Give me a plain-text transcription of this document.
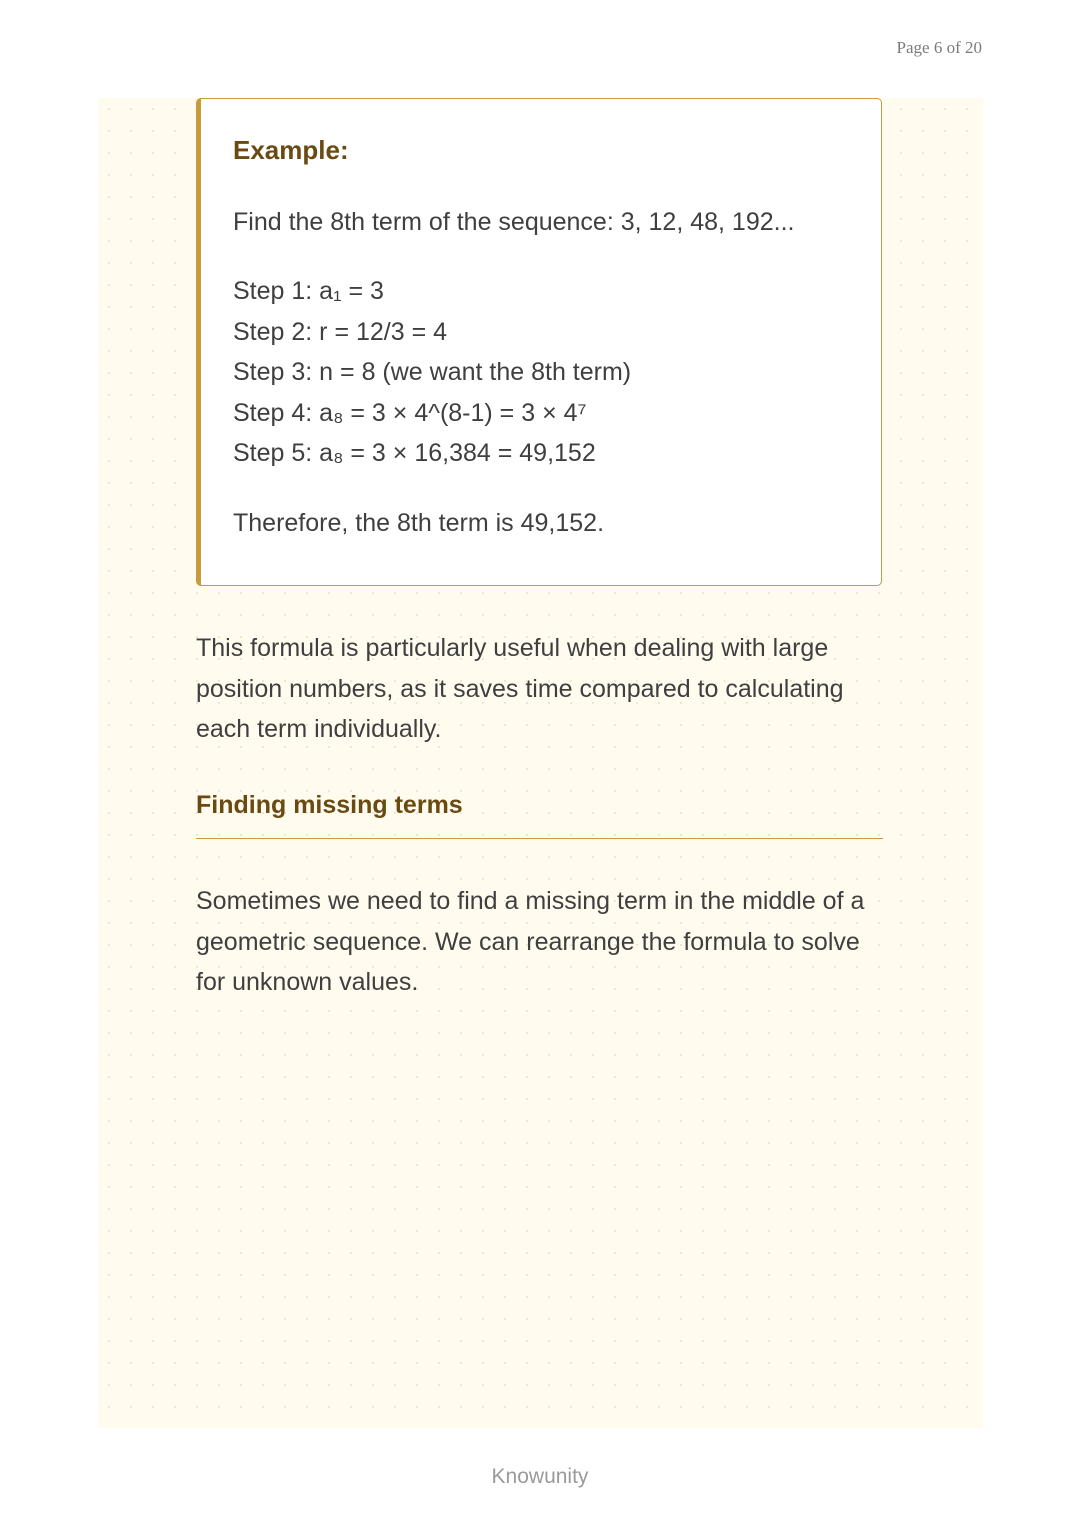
Page 6 of 20

Example:

Find the 8th term of the sequence: 3, 12, 48, 192...

Step 1: a₁ = 3
Step 2: r = 12/3 = 4
Step 3: n = 8 (we want the 8th term)
Step 4: a₈ = 3 × 4^(8-1) = 3 × 4⁷
Step 5: a₈ = 3 × 16,384 = 49,152

Therefore, the 8th term is 49,152.

This formula is particularly useful when dealing with large position numbers, as it saves time compared to calculating each term individually.

Finding missing terms

Sometimes we need to find a missing term in the middle of a geometric sequence. We can rearrange the formula to solve for unknown values.

Knowunity
